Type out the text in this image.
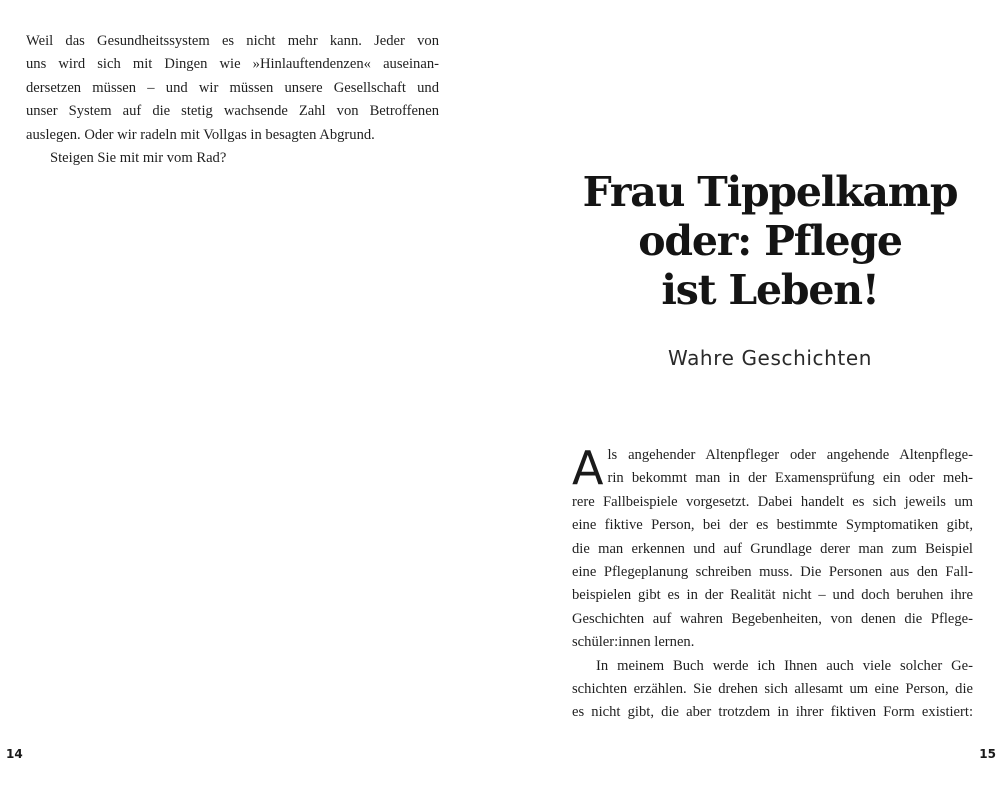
Weil das Gesundheitssystem es nicht mehr kann. Jeder von
uns wird sich mit Dingen wie »Hinlauftendenzen« auseinan-
dersetzen müssen – und wir müssen unsere Gesellschaft und
unser System auf die stetig wachsende Zahl von Betroffenen
auslegen. Oder wir radeln mit Vollgas in besagten Abgrund.
Steigen Sie mit mir vom Rad?
14
Frau Tippelkamp
oder: Pflege
ist Leben!
Wahre Geschichten
A ls angehender Altenpfleger oder angehende Altenpflege-
rin bekommt man in der Examensprüfung ein oder meh-
rere Fallbeispiele vorgesetzt. Dabei handelt es sich jeweils um
eine fiktive Person, bei der es bestimmte Symptomatiken gibt,
die man erkennen und auf Grundlage derer man zum Beispiel
eine Pflegeplanung schreiben muss. Die Personen aus den Fall-
beispielen gibt es in der Realität nicht – und doch beruhen ihre
Geschichten auf wahren Begebenheiten, von denen die Pflege-
schüler:innen lernen.
In meinem Buch werde ich Ihnen auch viele solcher Ge-
schichten erzählen. Sie drehen sich allesamt um eine Person, die
es nicht gibt, die aber trotzdem in ihrer fiktiven Form existiert:
15
